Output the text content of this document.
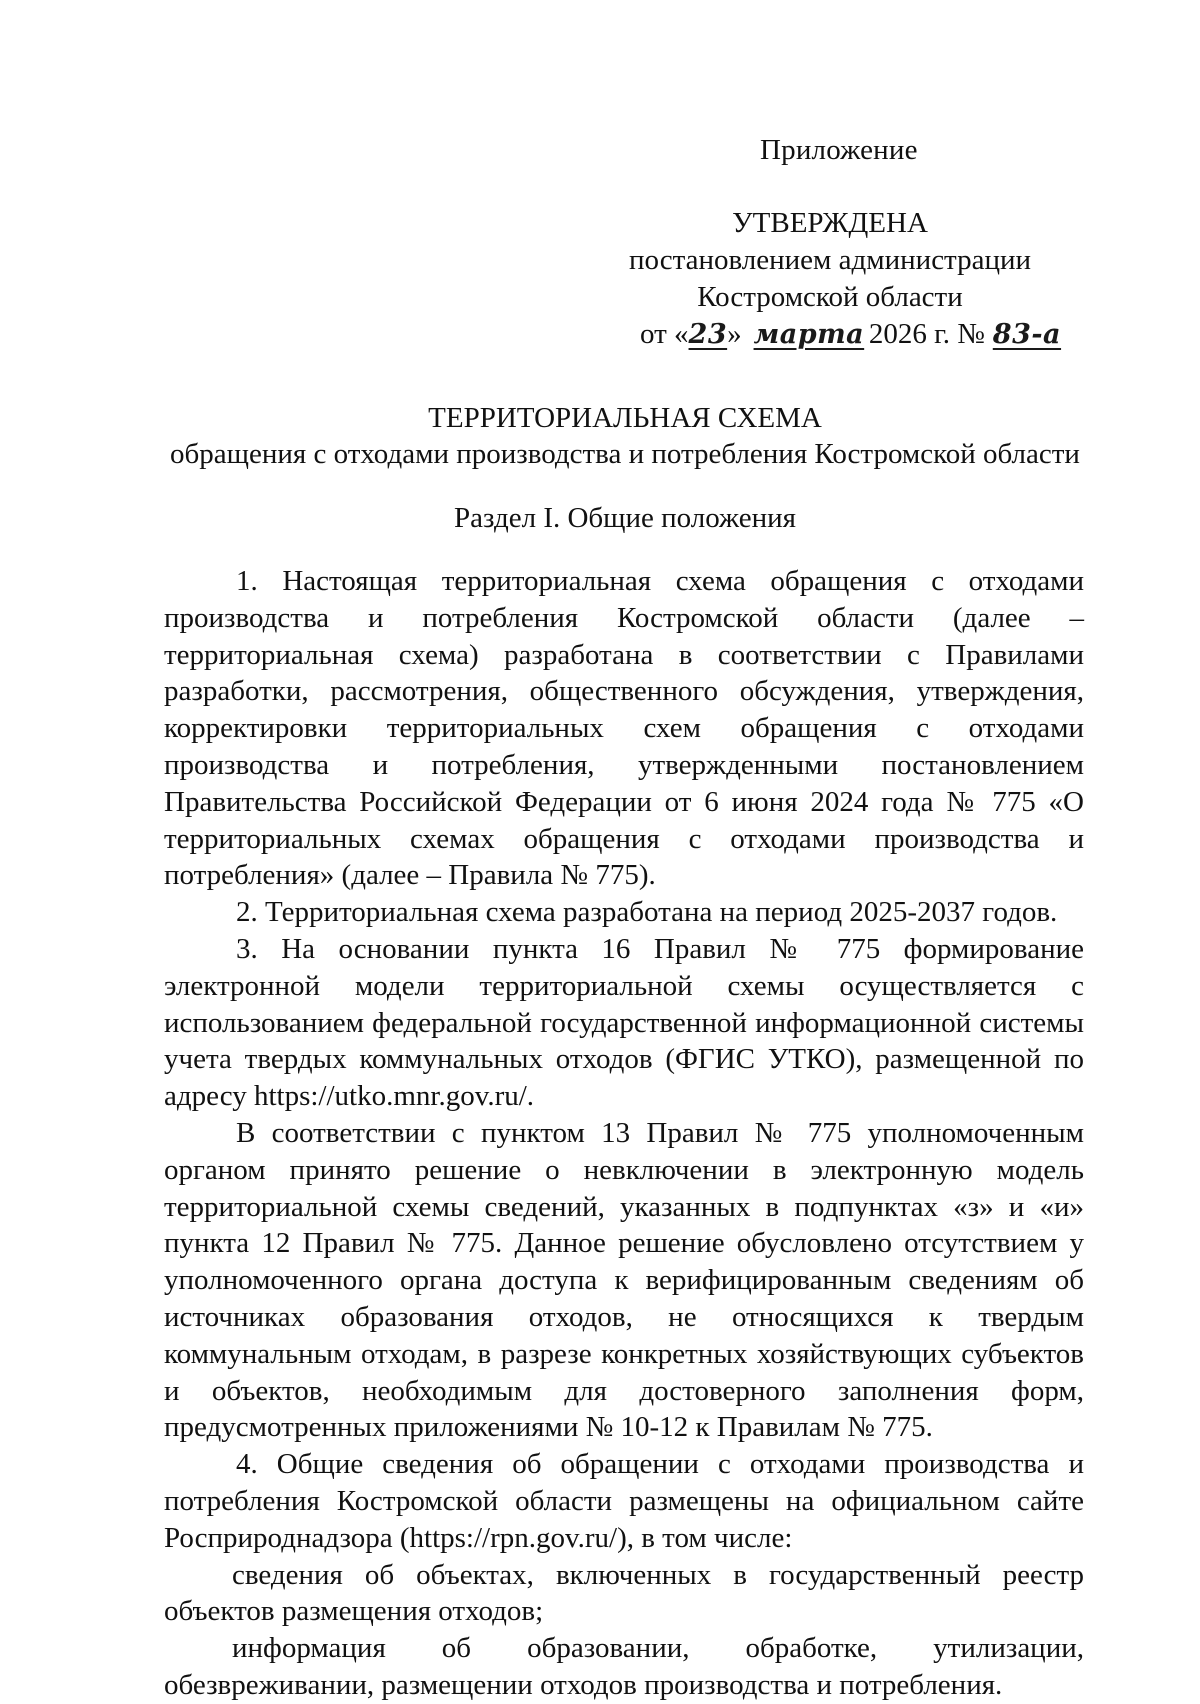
Приложение
УТВЕРЖДЕНА
постановлением администрации
Костромской области
от «23» марта 2026 г. № 83-а
ТЕРРИТОРИАЛЬНАЯ СХЕМА
обращения с отходами производства и потребления Костромской области
Раздел I. Общие положения

1. Настоящая территориальная схема обращения с отходами производства и потребления Костромской области (далее – территориальная схема) разработана в соответствии с Правилами разработки, рассмотрения, общественного обсуждения, утверждения, корректировки территориальных схем обращения с отходами производства и потребления, утвержденными постановлением Правительства Российской Федерации от 6 июня 2024 года № 775 «О территориальных схемах обращения с отходами производства и потребления» (далее – Правила № 775).

2. Территориальная схема разработана на период 2025-2037 годов.

3. На основании пункта 16 Правил № 775 формирование электронной модели территориальной схемы осуществляется с использованием федеральной государственной информационной системы учета твердых коммунальных отходов (ФГИС УТКО), размещенной по адресу https://utko.mnr.gov.ru/.

В соответствии с пунктом 13 Правил № 775 уполномоченным органом принято решение о невключении в электронную модель территориальной схемы сведений, указанных в подпунктах «з» и «и» пункта 12 Правил № 775. Данное решение обусловлено отсутствием у уполномоченного органа доступа к верифицированным сведениям об источниках образования отходов, не относящихся к твердым коммунальным отходам, в разрезе конкретных хозяйствующих субъектов и объектов, необходимым для достоверного заполнения форм, предусмотренных приложениями № 10-12 к Правилам № 775.

4. Общие сведения об обращении с отходами производства и потребления Костромской области размещены на официальном сайте Росприроднадзора (https://rpn.gov.ru/), в том числе:

сведения об объектах, включенных в государственный реестр объектов размещения отходов;

информация об образовании, обработке, утилизации, обезвреживании, размещении отходов производства и потребления.
